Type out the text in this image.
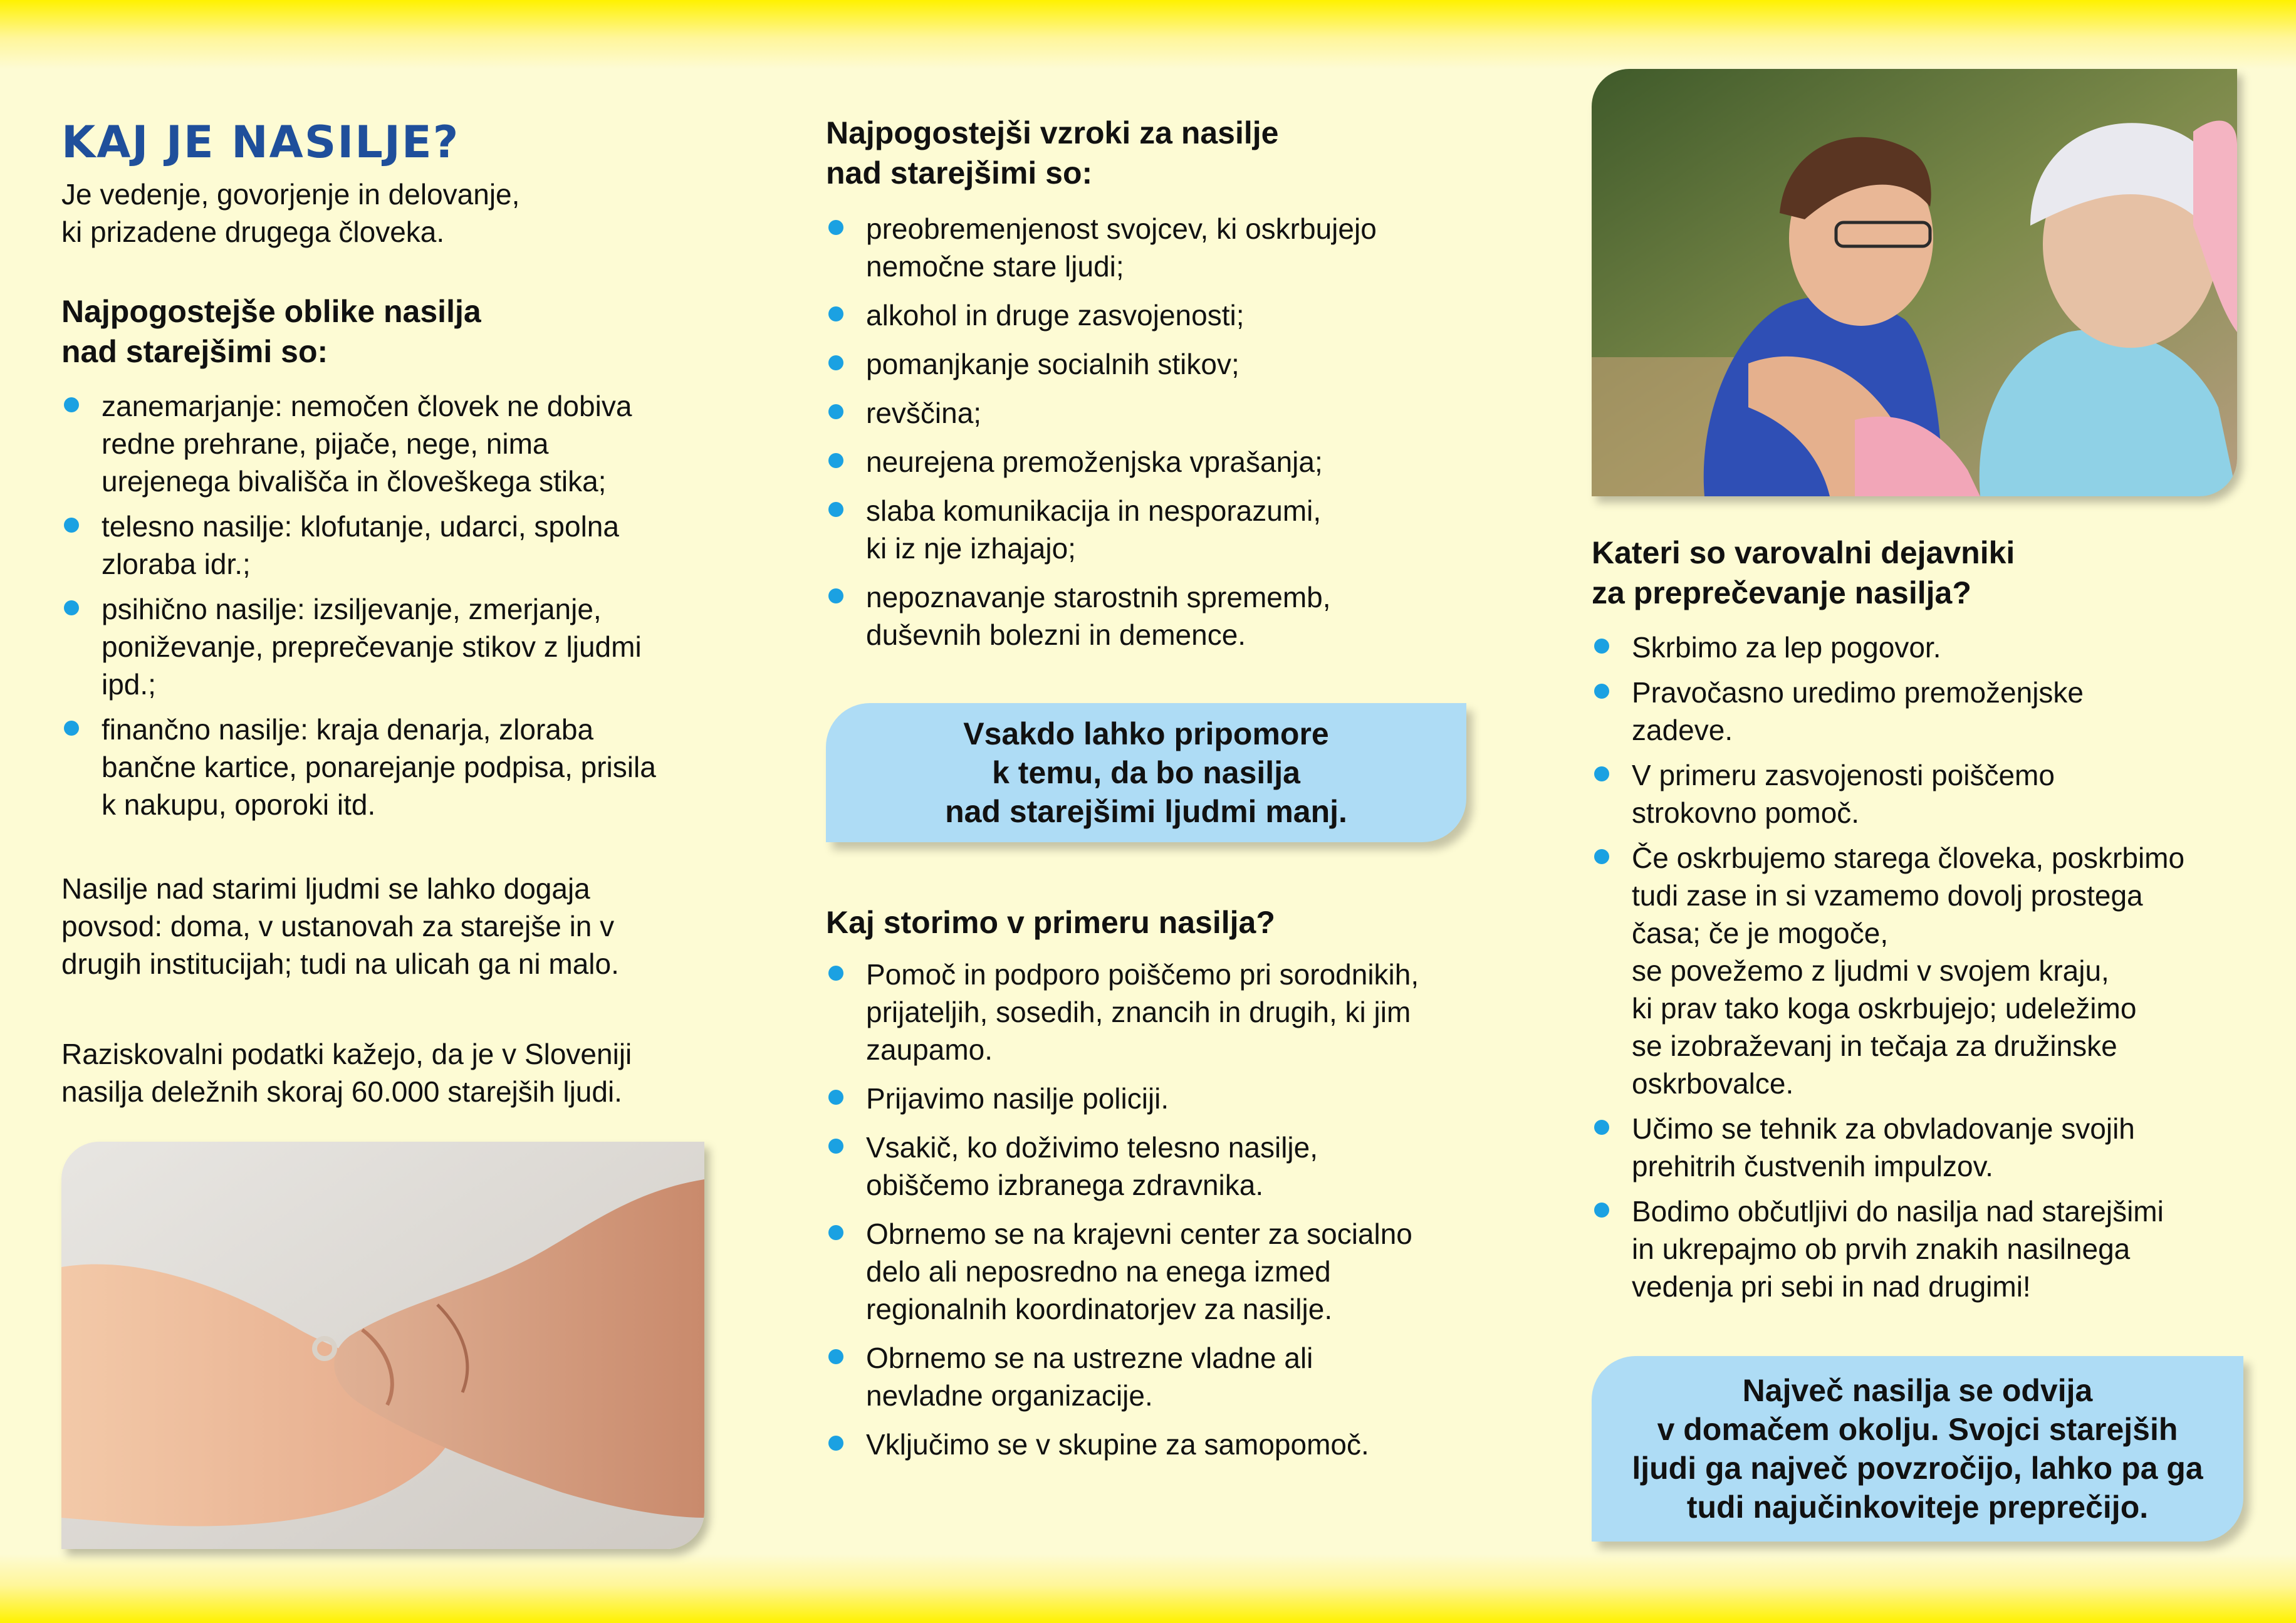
KAJ JE NASILJE?

Je vedenje, govorjenje in delovanje,
ki prizadene drugega človeka.

Najpogostejše oblike nasilja
nad starejšimi so:
zanemarjanje: nemočen človek ne dobiva
redne prehrane, pijače, nege, nima
urejenega bivališča in človeškega stika;
telesno nasilje: klofutanje, udarci, spolna
zloraba idr.;
psihično nasilje: izsiljevanje, zmerjanje,
poniževanje, preprečevanje stikov z ljudmi
ipd.;
finančno nasilje: kraja denarja, zloraba
bančne kartice, ponarejanje podpisa, prisila
k nakupu, oporoki itd.

Nasilje nad starimi ljudmi se lahko dogaja
povsod: doma, v ustanovah za starejše in v
drugih institucijah; tudi na ulicah ga ni malo.

Raziskovalni podatki kažejo, da je v Sloveniji
nasilja deležnih skoraj 60.000 starejših ljudi.

Najpogostejši vzroki za nasilje
nad starejšimi so:
preobremenjenost svojcev, ki oskrbujejo
nemočne stare ljudi;
alkohol in druge zasvojenosti;
pomanjkanje socialnih stikov;
revščina;
neurejena premoženjska vprašanja;
slaba komunikacija in nesporazumi,
ki iz nje izhajajo;
nepoznavanje starostnih sprememb,
duševnih bolezni in demence.
Vsakdo lahko pripomore
k temu, da bo nasilja
nad starejšimi ljudmi manj.
Kaj storimo v primeru nasilja?
Pomoč in podporo poiščemo pri sorodnikih,
prijateljih, sosedih, znancih in drugih, ki jim
zaupamo.
Prijavimo nasilje policiji.
Vsakič, ko doživimo telesno nasilje,
obiščemo izbranega zdravnika.
Obrnemo se na krajevni center za socialno
delo ali neposredno na enega izmed
regionalnih koordinatorjev za nasilje.
Obrnemo se na ustrezne vladne ali
nevladne organizacije.
Vključimo se v skupine za samopomoč.
Kateri so varovalni dejavniki
za preprečevanje nasilja?
Skrbimo za lep pogovor.
Pravočasno uredimo premoženjske
zadeve.
V primeru zasvojenosti poiščemo
strokovno pomoč.
Če oskrbujemo starega človeka, poskrbimo
tudi zase in si vzamemo dovolj prostega
časa; če je mogoče,
se povežemo z ljudmi v svojem kraju,
ki prav tako koga oskrbujejo; udeležimo
se izobraževanj in tečaja za družinske
oskrbovalce.
Učimo se tehnik za obvladovanje svojih
prehitrih čustvenih impulzov.
Bodimo občutljivi do nasilja nad starejšimi
in ukrepajmo ob prvih znakih nasilnega
vedenja pri sebi in nad drugimi!
Največ nasilja se odvija
v domačem okolju. Svojci starejših
ljudi ga največ povzročijo, lahko pa ga
tudi najučinkoviteje preprečijo.
